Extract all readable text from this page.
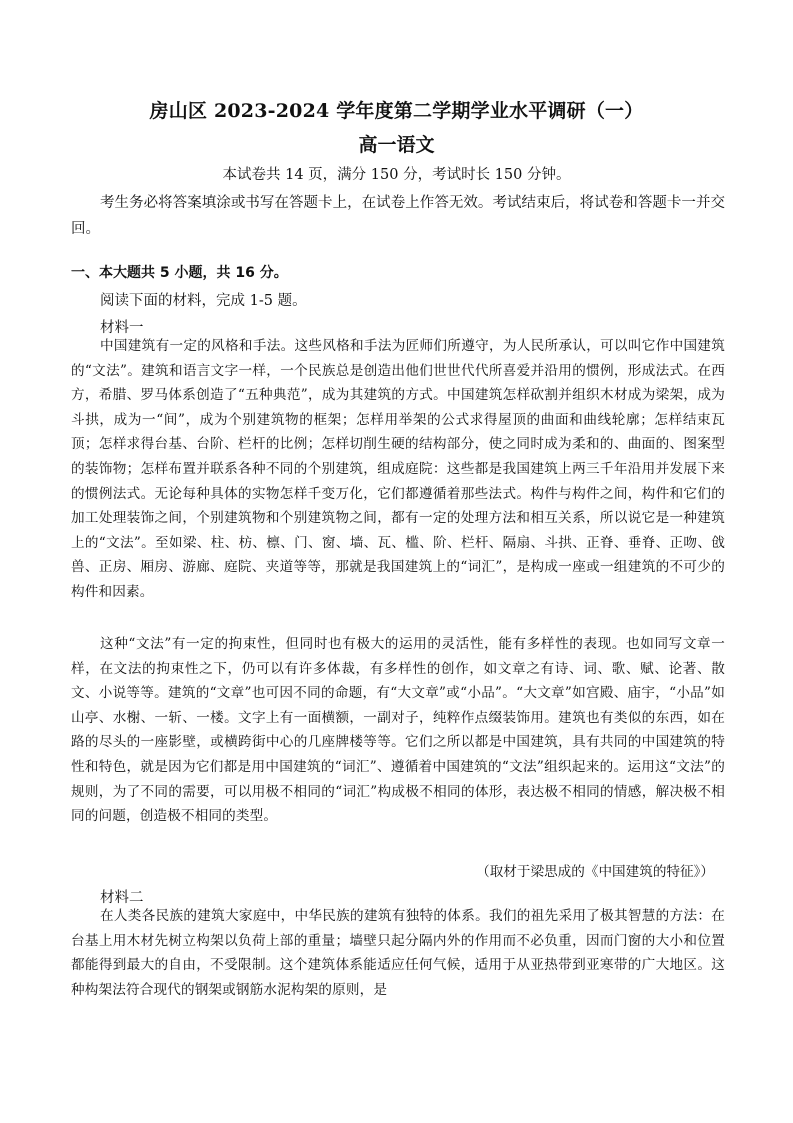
房山区 2023-2024 学年度第二学期学业水平调研（一）
高一语文
本试卷共 14 页，满分 150 分，考试时长 150 分钟。
考生务必将答案填涂或书写在答题卡上，在试卷上作答无效。考试结束后，将试卷和答题卡一并交回。
一、本大题共 5 小题，共 16 分。
阅读下面的材料，完成 1-5 题。
材料一
中国建筑有一定的风格和手法。这些风格和手法为匠师们所遵守，为人民所承认，可以叫它作中国建筑的“文法”。建筑和语言文字一样，一个民族总是创造出他们世世代代所喜爱并沿用的惯例，形成法式。在西方，希腊、罗马体系创造了“五种典范”，成为其建筑的方式。中国建筑怎样砍割并组织木材成为梁架，成为斗拱，成为一“间”，成为个别建筑物的框架；怎样用举架的公式求得屋顶的曲面和曲线轮廓；怎样结束瓦顶；怎样求得台基、台阶、栏杆的比例；怎样切削生硬的结构部分，使之同时成为柔和的、曲面的、图案型的装饰物；怎样布置并联系各种不同的个别建筑，组成庭院：这些都是我国建筑上两三千年沿用并发展下来的惯例法式。无论每种具体的实物怎样千变万化，它们都遵循着那些法式。构件与构件之间，构件和它们的加工处理装饰之间，个别建筑物和个别建筑物之间，都有一定的处理方法和相互关系，所以说它是一种建筑上的“文法”。至如梁、柱、枋、檩、门、窗、墙、瓦、槛、阶、栏杆、隔扇、斗拱、正脊、垂脊、正吻、戗兽、正房、厢房、游廊、庭院、夹道等等，那就是我国建筑上的“词汇”，是构成一座或一组建筑的不可少的构件和因素。
这种“文法”有一定的拘束性，但同时也有极大的运用的灵活性，能有多样性的表现。也如同写文章一样，在文法的拘束性之下，仍可以有许多体裁，有多样性的创作，如文章之有诗、词、歌、赋、论著、散文、小说等等。建筑的“文章”也可因不同的命题，有“大文章”或“小品”。“大文章”如宫殿、庙宇，“小品”如山亭、水榭、一斩、一楼。文字上有一面横额，一副对子，纯粹作点缀装饰用。建筑也有类似的东西，如在路的尽头的一座影壁，或横跨街中心的几座牌楼等等。它们之所以都是中国建筑，具有共同的中国建筑的特性和特色，就是因为它们都是用中国建筑的“词汇”、遵循着中国建筑的“文法”组织起来的。运用这“文法”的规则，为了不同的需要，可以用极不相同的“词汇”构成极不相同的体形，表达极不相同的情感，解决极不相同的问题，创造极不相同的类型。
（取材于梁思成的《中国建筑的特征》）
材料二
在人类各民族的建筑大家庭中，中华民族的建筑有独特的体系。我们的祖先采用了极其智慧的方法：在台基上用木材先树立构架以负荷上部的重量；墙壁只起分隔内外的作用而不必负重，因而门窗的大小和位置都能得到最大的自由，不受限制。这个建筑体系能适应任何气候，适用于从亚热带到亚寒带的广大地区。这种构架法符合现代的钢架或钢筋水泥构架的原则，是
